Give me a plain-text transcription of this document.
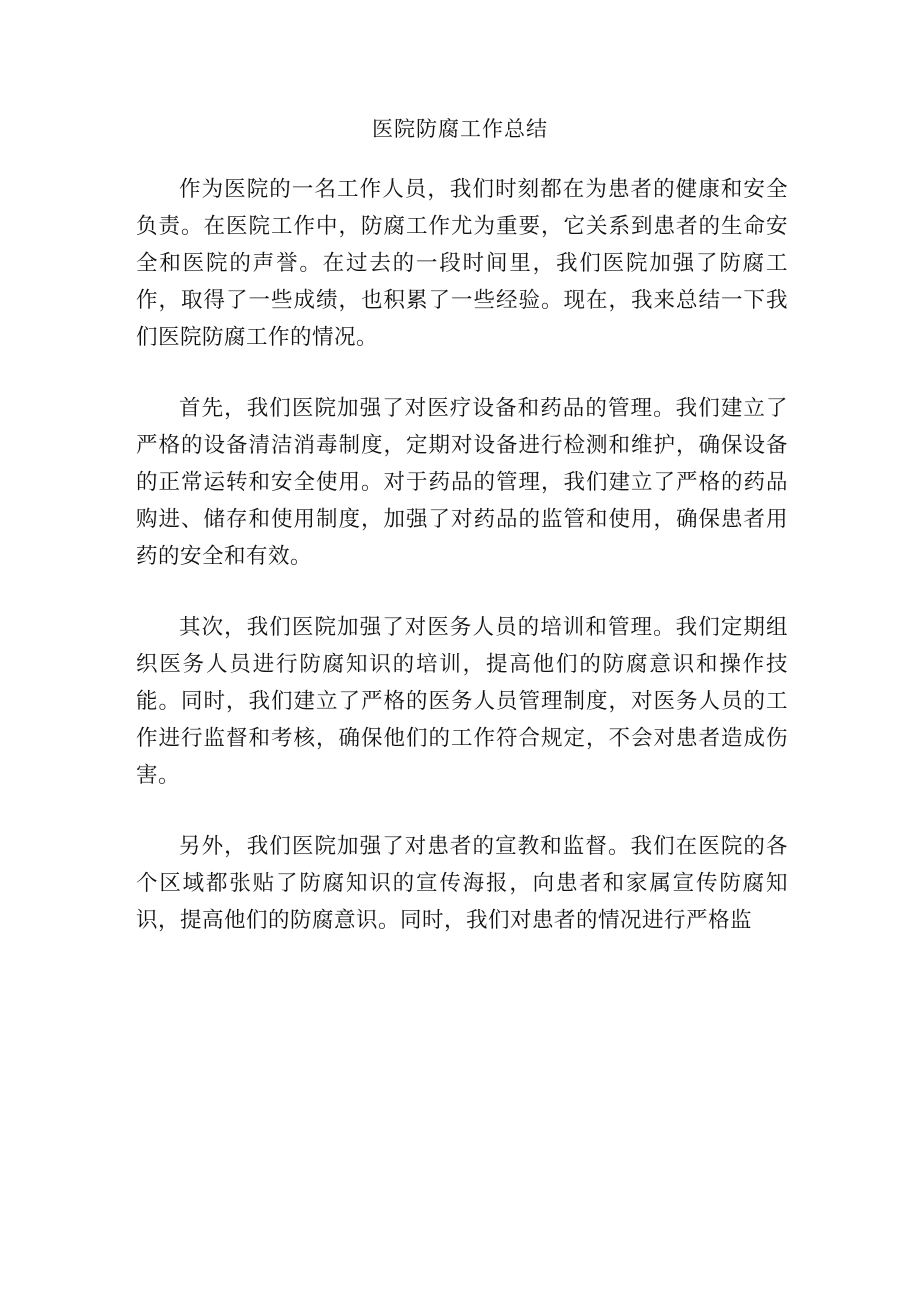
医院防腐工作总结

作为医院的一名工作人员，我们时刻都在为患者的健康和安全负责。在医院工作中，防腐工作尤为重要，它关系到患者的生命安全和医院的声誉。在过去的一段时间里，我们医院加强了防腐工作，取得了一些成绩，也积累了一些经验。现在，我来总结一下我们医院防腐工作的情况。

首先，我们医院加强了对医疗设备和药品的管理。我们建立了严格的设备清洁消毒制度，定期对设备进行检测和维护，确保设备的正常运转和安全使用。对于药品的管理，我们建立了严格的药品购进、储存和使用制度，加强了对药品的监管和使用，确保患者用药的安全和有效。

其次，我们医院加强了对医务人员的培训和管理。我们定期组织医务人员进行防腐知识的培训，提高他们的防腐意识和操作技能。同时，我们建立了严格的医务人员管理制度，对医务人员的工作进行监督和考核，确保他们的工作符合规定，不会对患者造成伤害。

另外，我们医院加强了对患者的宣教和监督。我们在医院的各个区域都张贴了防腐知识的宣传海报，向患者和家属宣传防腐知识，提高他们的防腐意识。同时，我们对患者的情况进行严格监
